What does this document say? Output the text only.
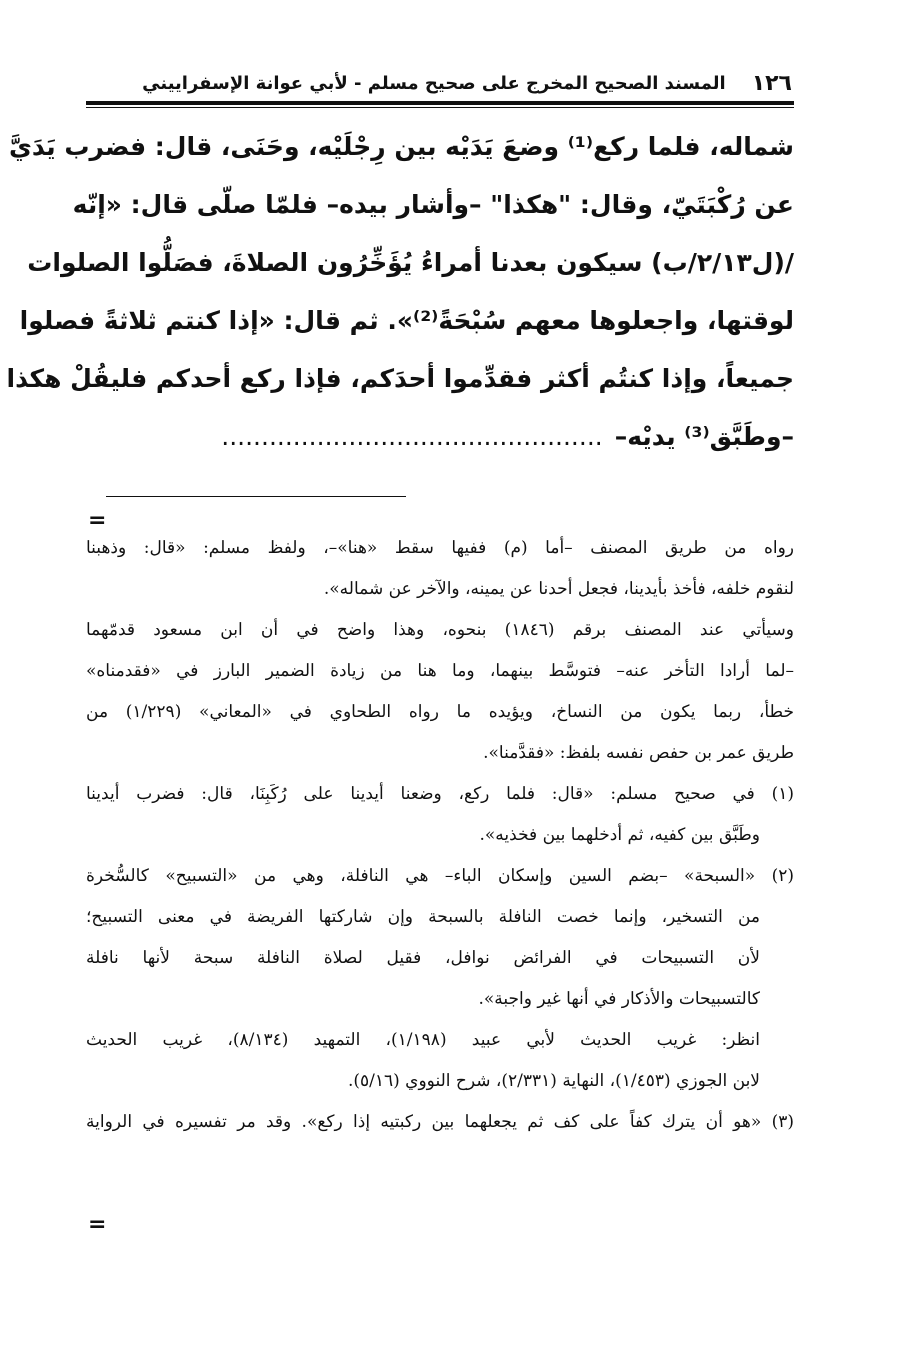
١٢٦
المسند الصحيح المخرج على صحيح مسلم - لأبي عوانة الإسفراييني
شماله، فلما ركع⁽¹⁾ وضعَ يَدَيْه بين رِجْلَيْه، وحَنَى، قال: فضرب يَدَيَّ
عن رُكْبَتَيّ، وقال: "هكذا" –وأشار بيده– فلمّا صلّى قال: «إنّه
/(ل٢/١٣/ب) سيكون بعدنا أمراءُ يُؤَخِّرُون الصلاةَ، فصَلُّوا الصلوات
لوقتها، واجعلوها معهم سُبْحَةً⁽²⁾». ثم قال: «إذا كنتم ثلاثةً فصلوا
جميعاً، وإذا كنتُم أكثر فقدِّموا أحدَكم، فإذا ركع أحدكم فليقُلْ هكذا
–وطَبَّق⁽³⁾ يديْه–................................................
=
رواه من طريق المصنف –أما (م) ففيها سقط «هنا»–، ولفظ مسلم: «قال: وذهبنا
لنقوم خلفه، فأخذ بأيدينا، فجعل أحدنا عن يمينه، والآخر عن شماله».
وسيأتي عند المصنف برقم (١٨٤٦) بنحوه، وهذا واضح في أن ابن مسعود قدمّهما
–لما أرادا التأخر عنه– فتوسَّط بينهما، وما هنا من زيادة الضمير البارز في «فقدمناه»
خطأ، ربما يكون من النساخ، ويؤيده ما رواه الطحاوي في «المعاني» (١/٢٢٩) من
طريق عمر بن حفص نفسه بلفظ: «فقدَّمنا».
(١) في صحيح مسلم: «قال: فلما ركع، وضعنا أيدينا على رُكَبِنَا، قال: فضرب أيدينا
وطَبَّق بين كفيه، ثم أدخلهما بين فخذيه».
(٢) «السبحة» –بضم السين وإسكان الباء– هي النافلة، وهي من «التسبيح» كالسُّخرة
من التسخير، وإنما خصت النافلة بالسبحة وإن شاركتها الفريضة في معنى التسبيح؛
لأن التسبيحات في الفرائض نوافل، فقيل لصلاة النافلة سبحة لأنها نافلة
كالتسبيحات والأذكار في أنها غير واجبة».
انظر: غريب الحديث لأبي عبيد (١/١٩٨)، التمهيد (٨/١٣٤)، غريب الحديث
لابن الجوزي (١/٤٥٣)، النهاية (٢/٣٣١)، شرح النووي (٥/١٦).
(٣) «هو أن يترك كفاً على كف ثم يجعلهما بين ركبتيه إذا ركع». وقد مر تفسيره في الرواية
=
